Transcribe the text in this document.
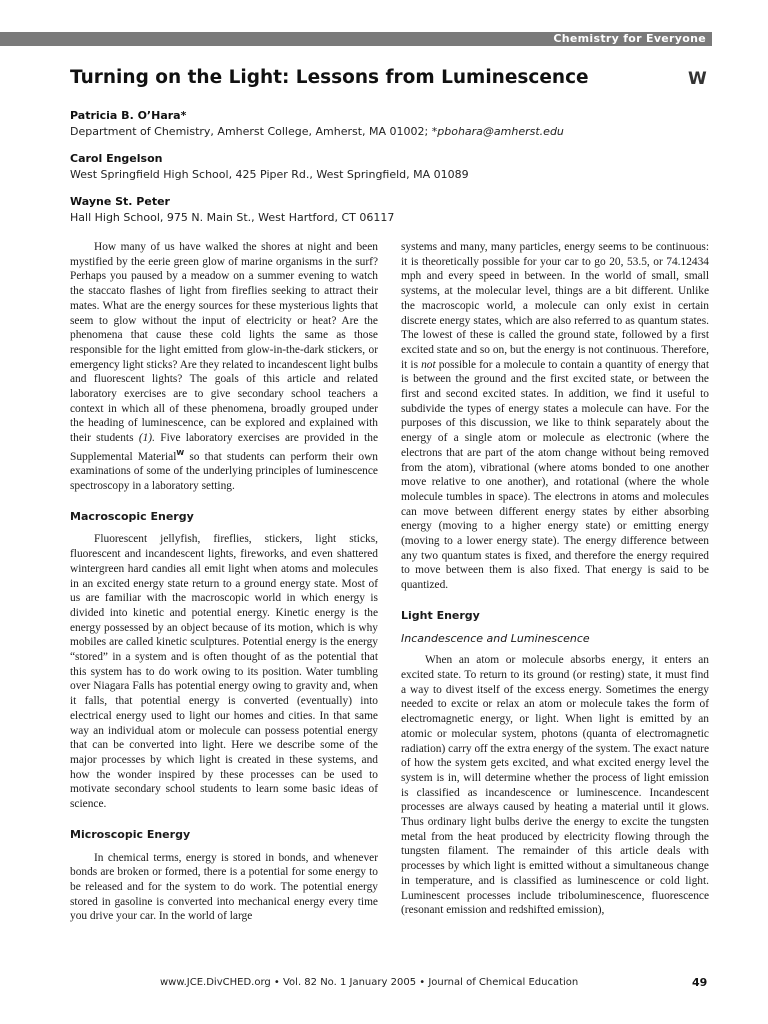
Chemistry for Everyone
Turning on the Light: Lessons from Luminescence	W
Patricia B. O’Hara*
Department of Chemistry, Amherst College, Amherst, MA 01002; *pbohara@amherst.edu
Carol Engelson
West Springfield High School, 425 Piper Rd., West Springfield, MA 01089
Wayne St. Peter
Hall High School, 975 N. Main St., West Hartford, CT 06117

How many of us have walked the shores at night and been mystified by the eerie green glow of marine organisms in the surf? Perhaps you paused by a meadow on a summer evening to watch the staccato flashes of light from fireflies seeking to attract their mates. What are the energy sources for these mysterious lights that seem to glow without the input of electricity or heat? Are the phenomena that cause these cold lights the same as those responsible for the light emitted from glow-in-the-dark stickers, or emergency light sticks? Are they related to incandescent light bulbs and fluorescent lights? The goals of this article and related laboratory exercises are to give secondary school teachers a context in which all of these phenomena, broadly grouped under the heading of luminescence, can be explored and explained with their students (1). Five laboratory exercises are provided in the Supplemental Material$^W$ so that students can perform their own examinations of some of the underlying principles of luminescence spectroscopy in a laboratory setting.

Macroscopic Energy

Fluorescent jellyfish, fireflies, stickers, light sticks, fluorescent and incandescent lights, fireworks, and even shattered wintergreen hard candies all emit light when atoms and molecules in an excited energy state return to a ground energy state. Most of us are familiar with the macroscopic world in which energy is divided into kinetic and potential energy. Kinetic energy is the energy possessed by an object because of its motion, which is why mobiles are called kinetic sculptures. Potential energy is the energy “stored” in a system and is often thought of as the potential that this system has to do work owing to its position. Water tumbling over Niagara Falls has potential energy owing to gravity and, when it falls, that potential energy is converted (eventually) into electrical energy used to light our homes and cities. In that same way an individual atom or molecule can possess potential energy that can be converted into light. Here we describe some of the major processes by which light is created in these systems, and how the wonder inspired by these processes can be used to motivate secondary school students to learn some basic ideas of science.

Microscopic Energy

In chemical terms, energy is stored in bonds, and whenever bonds are broken or formed, there is a potential for some energy to be released and for the system to do work. The potential energy stored in gasoline is converted into mechanical energy every time you drive your car. In the world of large

systems and many, many particles, energy seems to be continuous: it is theoretically possible for your car to go 20, 53.5, or 74.12434 mph and every speed in between. In the world of small, small systems, at the molecular level, things are a bit different. Unlike the macroscopic world, a molecule can only exist in certain discrete energy states, which are also referred to as quantum states. The lowest of these is called the ground state, followed by a first excited state and so on, but the energy is not continuous. Therefore, it is not possible for a molecule to contain a quantity of energy that is between the ground and the first excited state, or between the first and second excited states. In addition, we find it useful to subdivide the types of energy states a molecule can have. For the purposes of this discussion, we like to think separately about the energy of a single atom or molecule as electronic (where the electrons that are part of the atom change without being removed from the atom), vibrational (where atoms bonded to one another move relative to one another), and rotational (where the whole molecule tumbles in space). The electrons in atoms and molecules can move between different energy states by either absorbing energy (moving to a higher energy state) or emitting energy (moving to a lower energy state). The energy difference between any two quantum states is fixed, and therefore the energy required to move between them is also fixed. That energy is said to be quantized.

Light Energy
Incandescence and Luminescence

When an atom or molecule absorbs energy, it enters an excited state. To return to its ground (or resting) state, it must find a way to divest itself of the excess energy. Sometimes the energy needed to excite or relax an atom or molecule takes the form of electromagnetic energy, or light. When light is emitted by an atomic or molecular system, photons (quanta of electromagnetic radiation) carry off the extra energy of the system. The exact nature of how the system gets excited, and what excited energy level the system is in, will determine whether the process of light emission is classified as incandescence or luminescence. Incandescent processes are always caused by heating a material until it glows. Thus ordinary light bulbs derive the energy to excite the tungsten metal from the heat produced by electricity flowing through the tungsten filament. The remainder of this article deals with processes by which light is emitted without a simultaneous change in temperature, and is classified as luminescence or cold light. Luminescent processes include triboluminescence, fluorescence (resonant emission and redshifted emission),

www.JCE.DivCHED.org • Vol. 82 No. 1 January 2005 • Journal of Chemical Education	49
